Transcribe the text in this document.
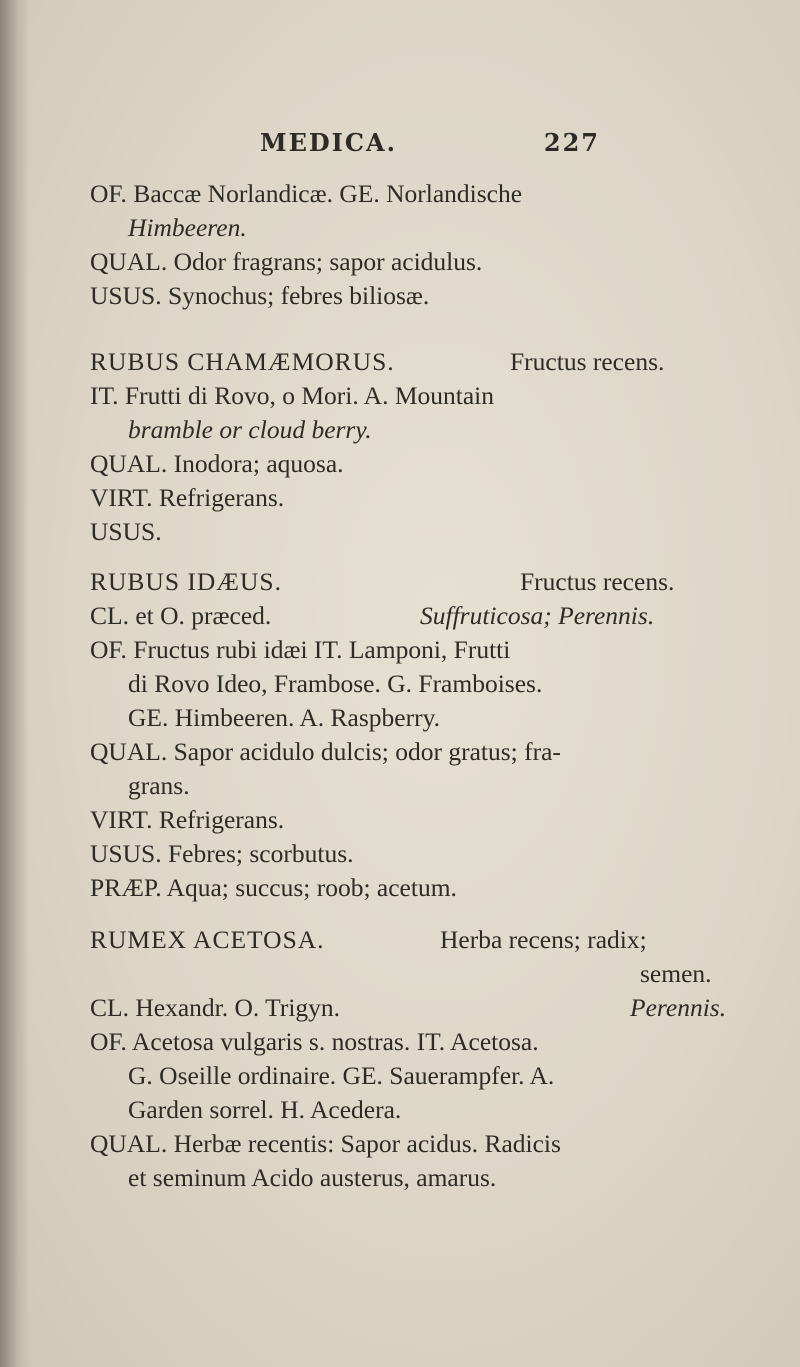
MEDICA.	227
OF. Baccæ Norlandicæ. GE. Norlandische
Himbeeren.
QUAL. Odor fragrans; sapor acidulus.
USUS. Synochus; febres biliosæ.
RUBUS CHAMÆMORUS.	Fructus recens.
IT. Frutti di Rovo, o Mori. A. Mountain
bramble or cloud berry.
QUAL. Inodora; aquosa.
VIRT. Refrigerans.
USUS.
RUBUS IDÆUS.	Fructus recens.
CL. et O. præced.	Suffruticosa; Perennis.
OF. Fructus rubi idæi IT. Lamponi, Frutti
di Rovo Ideo, Frambose. G. Framboises.
GE. Himbeeren. A. Raspberry.
QUAL. Sapor acidulo dulcis; odor gratus; fra-
grans.
VIRT. Refrigerans.
USUS. Febres; scorbutus.
PRÆP. Aqua; succus; roob; acetum.
RUMEX ACETOSA.	Herba recens; radix;
semen.
CL. Hexandr. O. Trigyn.	Perennis.
OF. Acetosa vulgaris s. nostras. IT. Acetosa.
G. Oseille ordinaire. GE. Sauerampfer. A.
Garden sorrel. H. Acedera.
QUAL. Herbæ recentis: Sapor acidus. Radicis
et seminum Acido austerus, amarus.
